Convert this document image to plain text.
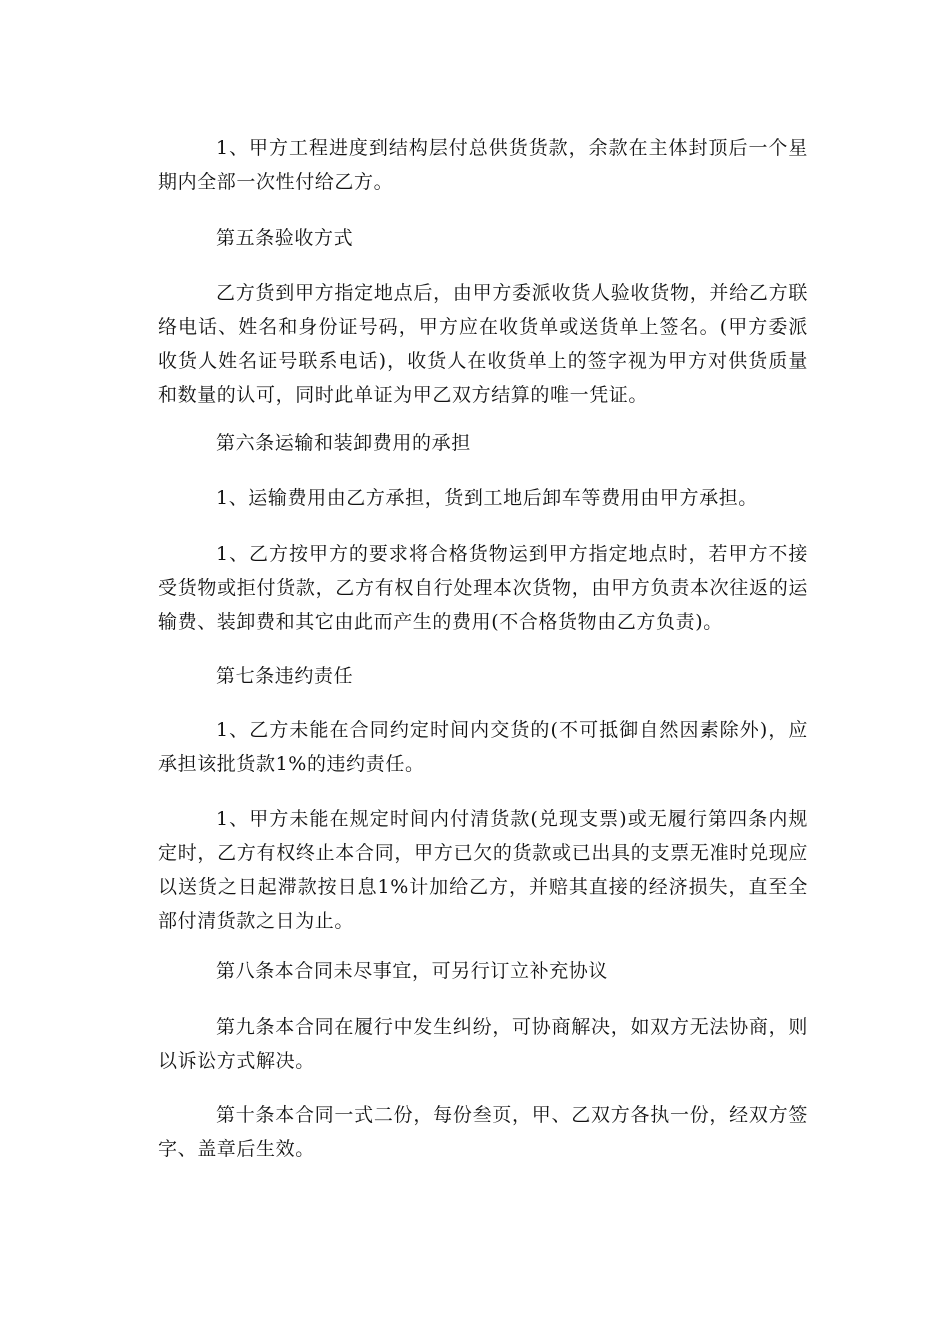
1、甲方工程进度到结构层付总供货货款，余款在主体封顶后一个星期内全部一次性付给乙方。

第五条验收方式

乙方货到甲方指定地点后，由甲方委派收货人验收货物，并给乙方联络电话、姓名和身份证号码，甲方应在收货单或送货单上签名。(甲方委派收货人姓名证号联系电话)，收货人在收货单上的签字视为甲方对供货质量和数量的认可，同时此单证为甲乙双方结算的唯一凭证。

第六条运输和装卸费用的承担

1、运输费用由乙方承担，货到工地后卸车等费用由甲方承担。

1、乙方按甲方的要求将合格货物运到甲方指定地点时，若甲方不接受货物或拒付货款，乙方有权自行处理本次货物，由甲方负责本次往返的运输费、装卸费和其它由此而产生的费用(不合格货物由乙方负责)。

第七条违约责任

1、乙方未能在合同约定时间内交货的(不可抵御自然因素除外)，应承担该批货款1%的违约责任。

1、甲方未能在规定时间内付清货款(兑现支票)或无履行第四条内规定时，乙方有权终止本合同，甲方已欠的货款或已出具的支票无准时兑现应以送货之日起滞款按日息1%计加给乙方，并赔其直接的经济损失，直至全部付清货款之日为止。

第八条本合同未尽事宜，可另行订立补充协议

第九条本合同在履行中发生纠纷，可协商解决，如双方无法协商，则以诉讼方式解决。

第十条本合同一式二份，每份叁页，甲、乙双方各执一份，经双方签字、盖章后生效。
